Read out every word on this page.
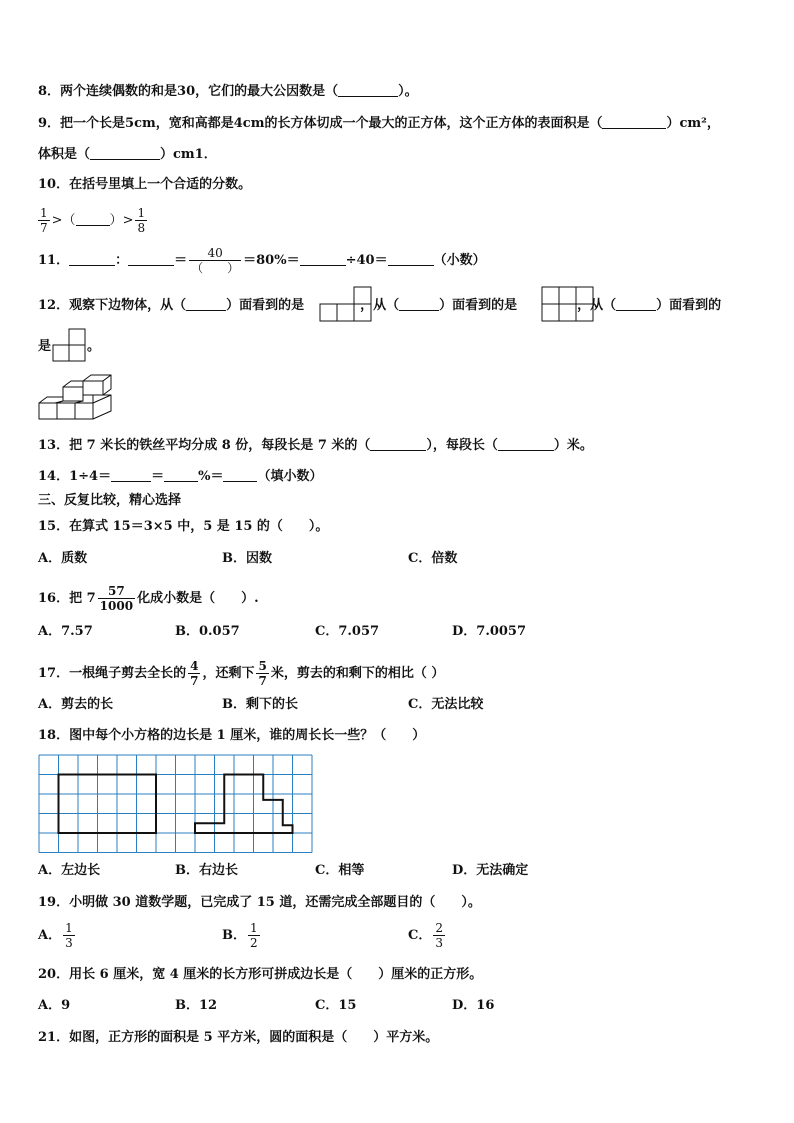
8．两个连续偶数的和是30，它们的最大公因数是（	）。
9．把一个长是5cm，宽和高都是4cm的长方体切成一个最大的正方体，这个正方体的表面积是（	）cm²，
体积是（	）cm1．
10．在括号里填上一个合适的分数。
$\frac{1}{7}$ >（	）> $\frac{1}{8}$
11．	：	＝ $\frac{40}{( )} =80\%=$	÷40＝	（小数）
12．观察下边物体，从（	）面看到的是	，从（	）面看到的是	，从（	）面看到的
是	。
13．把 7 米长的铁丝平均分成 8 份，每段长是 7 米的（	），每段长（	）米。
14．1÷4＝	＝	%＝	（填小数）
三、反复比较，精心选择
15．在算式 15＝3×5 中，5 是 15 的（　　）。
A．质数	B．因数	C．倍数
16．把 $7 \frac{57}{1000}$ 化成小数是（　　）.
A．7.57	B．0.057	C．7.057	D．7.0057
17．一根绳子剪去全长的 $\frac{4}{7}$ ，还剩下 $\frac{5}{7}$ 米，剪去的和剩下的相比（ ）
A．剪去的长	B．剩下的长	C．无法比较
18．图中每个小方格的边长是 1 厘米，谁的周长长一些？（　　）
A．左边长	B．右边长	C．相等	D．无法确定
19．小明做 30 道数学题，已完成了 15 道，还需完成全部题目的（　　）。
A． $\frac{1}{3}$	B． $\frac{1}{2}$	C． $\frac{2}{3}$
20．用长 6 厘米，宽 4 厘米的长方形可拼成边长是（　　）厘米的正方形。
A．9	B．12	C．15	D．16
21．如图，正方形的面积是 5 平方米，圆的面积是（　　）平方米。
